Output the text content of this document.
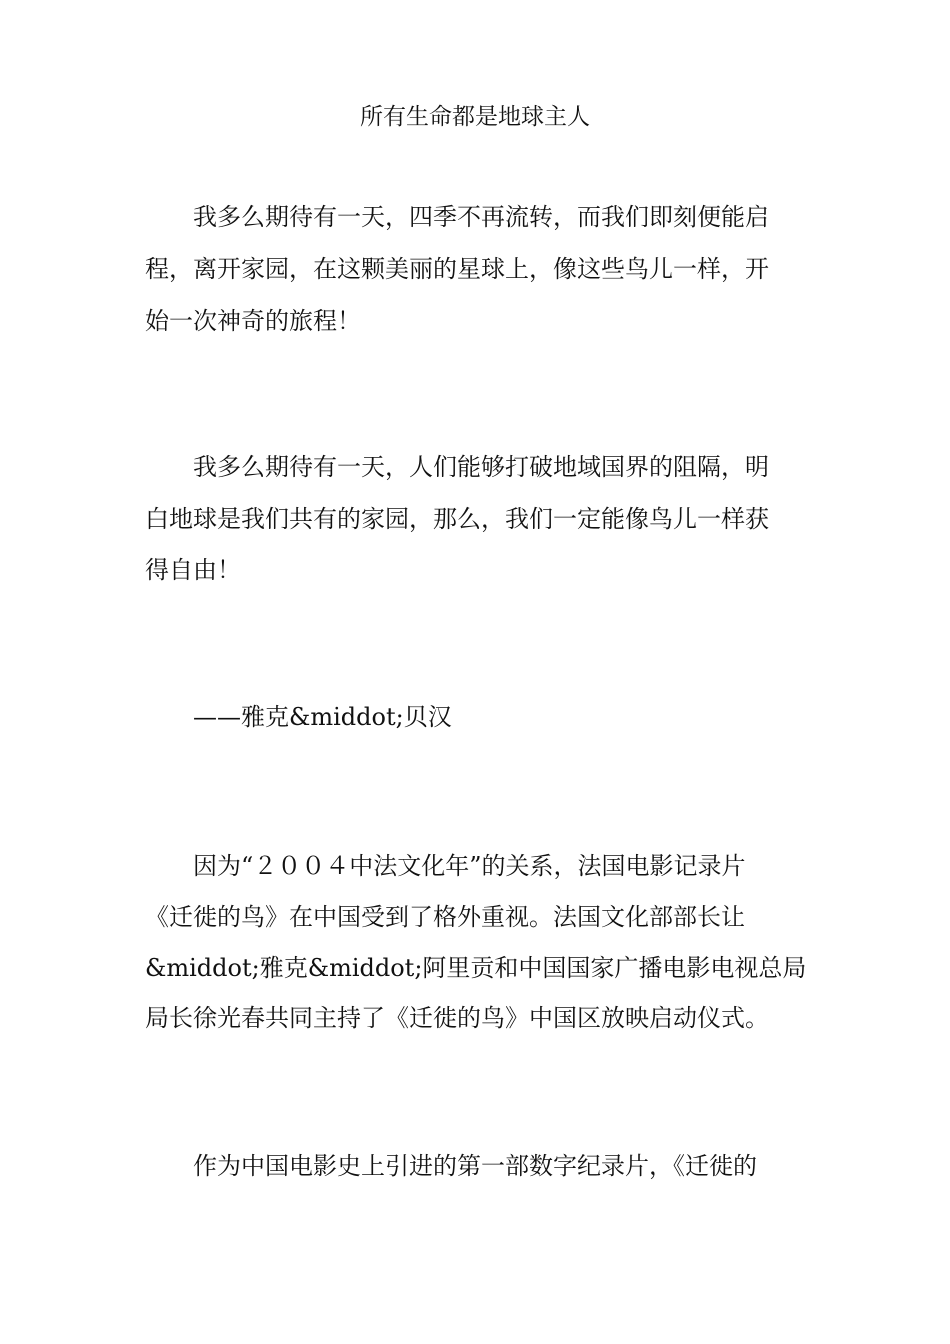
所有生命都是地球主人
我多么期待有一天，四季不再流转，而我们即刻便能启
程，离开家园，在这颗美丽的星球上，像这些鸟儿一样，开
始一次神奇的旅程！
我多么期待有一天，人们能够打破地域国界的阻隔，明
白地球是我们共有的家园，那么，我们一定能像鸟儿一样获
得自由！
——雅克&middot;贝汉
因为“２００４中法文化年”的关系，法国电影记录片
《迁徙的鸟》在中国受到了格外重视。法国文化部部长让
&middot;雅克&middot;阿里贡和中国国家广播电影电视总局
局长徐光春共同主持了《迁徙的鸟》中国区放映启动仪式。
作为中国电影史上引进的第一部数字纪录片，《迁徙的
